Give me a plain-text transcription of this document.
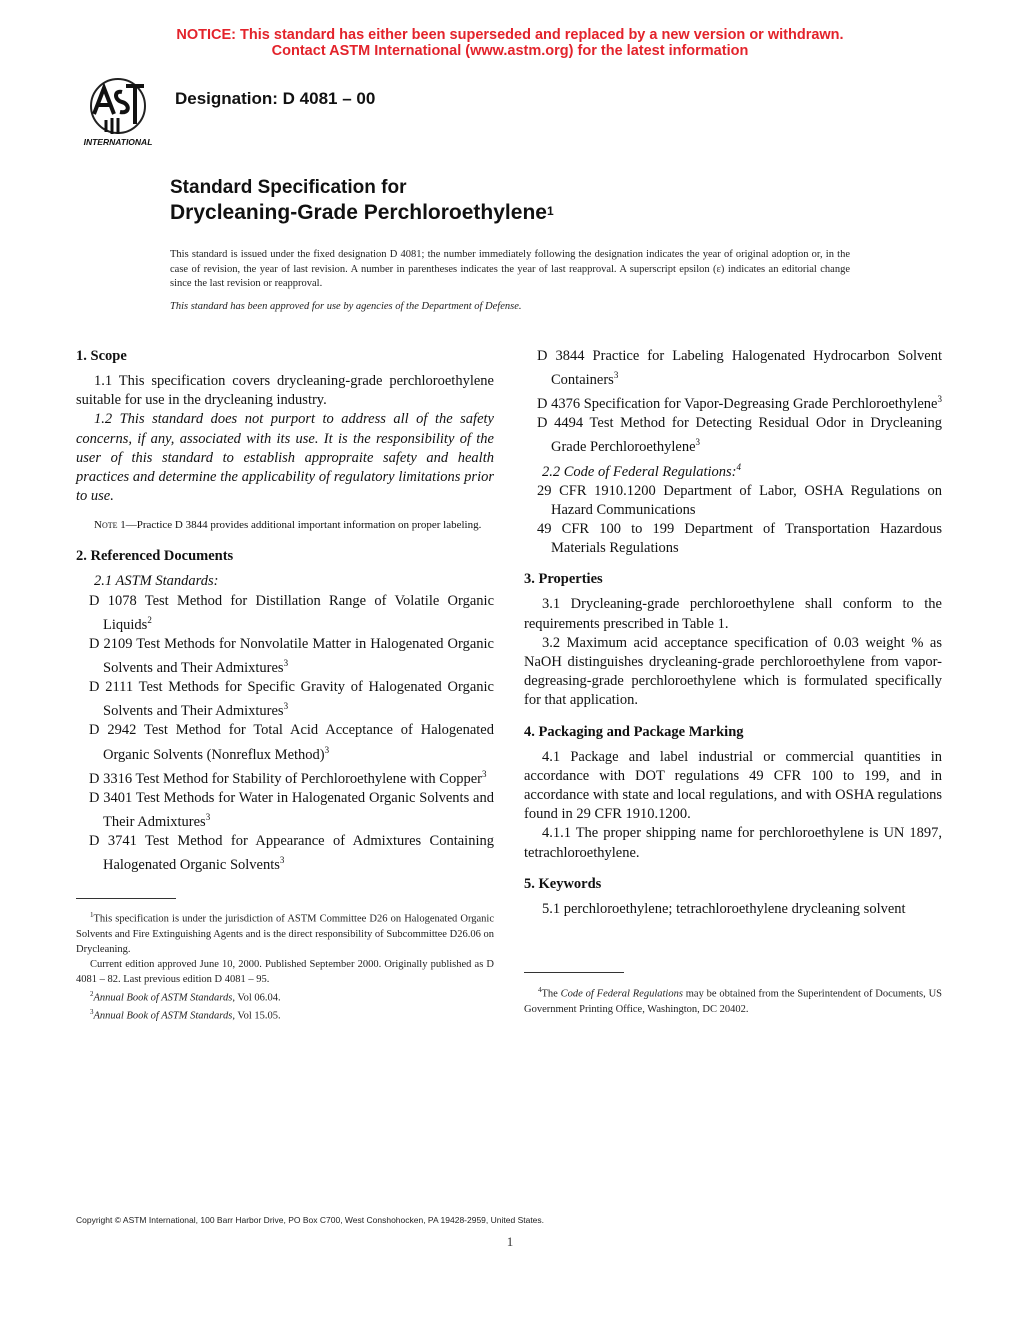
NOTICE: This standard has either been superseded and replaced by a new version or withdrawn.
Contact ASTM International (www.astm.org) for the latest information
INTERNATIONAL
Designation: D 4081 – 00
Standard Specification for
Drycleaning-Grade Perchloroethylene$^1$
This standard is issued under the fixed designation D 4081; the number immediately following the designation indicates the year of original adoption or, in the case of revision, the year of last revision. A number in parentheses indicates the year of last reapproval. A superscript epsilon (ε) indicates an editorial change since the last revision or reapproval.
This standard has been approved for use by agencies of the Department of Defense.
1. Scope

1.1 This specification covers drycleaning-grade perchloroethylene suitable for use in the drycleaning industry.

1.2 This standard does not purport to address all of the safety concerns, if any, associated with its use. It is the responsibility of the user of this standard to establish appropraite safety and health practices and determine the applicability of regulatory limitations prior to use.

Note 1—Practice D 3844 provides additional important information on proper labeling.

2. Referenced Documents

2.1 ASTM Standards:

D 1078 Test Method for Distillation Range of Volatile Organic Liquids$^2$

D 2109 Test Methods for Nonvolatile Matter in Halogenated Organic Solvents and Their Admixtures$^3$

D 2111 Test Methods for Specific Gravity of Halogenated Organic Solvents and Their Admixtures$^3$

D 2942 Test Method for Total Acid Acceptance of Halogenated Organic Solvents (Nonreflux Method)$^3$

D 3316 Test Method for Stability of Perchloroethylene with Copper$^3$

D 3401 Test Methods for Water in Halogenated Organic Solvents and Their Admixtures$^3$

D 3741 Test Method for Appearance of Admixtures Containing Halogenated Organic Solvents$^3$

D 3844 Practice for Labeling Halogenated Hydrocarbon Solvent Containers$^3$

D 4376 Specification for Vapor-Degreasing Grade Perchloroethylene$^3$

D 4494 Test Method for Detecting Residual Odor in Drycleaning Grade Perchloroethylene$^3$

2.2 Code of Federal Regulations:$^4$

29 CFR 1910.1200 Department of Labor, OSHA Regulations on Hazard Communications

49 CFR 100 to 199 Department of Transportation Hazardous Materials Regulations

3. Properties

3.1 Drycleaning-grade perchloroethylene shall conform to the requirements prescribed in Table 1.

3.2 Maximum acid acceptance specification of 0.03 weight % as NaOH distinguishes drycleaning-grade perchloroethylene from vapor-degreasing-grade perchloroethylene which is formulated specifically for that application.

4. Packaging and Package Marking

4.1 Package and label industrial or commercial quantities in accordance with DOT regulations 49 CFR 100 to 199, and in accordance with state and local regulations, and with OSHA regulations found in 29 CFR 1910.1200.

4.1.1 The proper shipping name for perchloroethylene is UN 1897, tetrachloroethylene.

5. Keywords

5.1 perchloroethylene; tetrachloroethylene drycleaning solvent

$^1$This specification is under the jurisdiction of ASTM Committee D26 on Halogenated Organic Solvents and Fire Extinguishing Agents and is the direct responsibility of Subcommittee D26.06 on Drycleaning.

Current edition approved June 10, 2000. Published September 2000. Originally published as D 4081 – 82. Last previous edition D 4081 – 95.

$^2$Annual Book of ASTM Standards, Vol 06.04.

$^3$Annual Book of ASTM Standards, Vol 15.05.

$^4$The Code of Federal Regulations may be obtained from the Superintendent of Documents, US Government Printing Office, Washington, DC 20402.

Copyright © ASTM International, 100 Barr Harbor Drive, PO Box C700, West Conshohocken, PA 19428-2959, United States.
1
